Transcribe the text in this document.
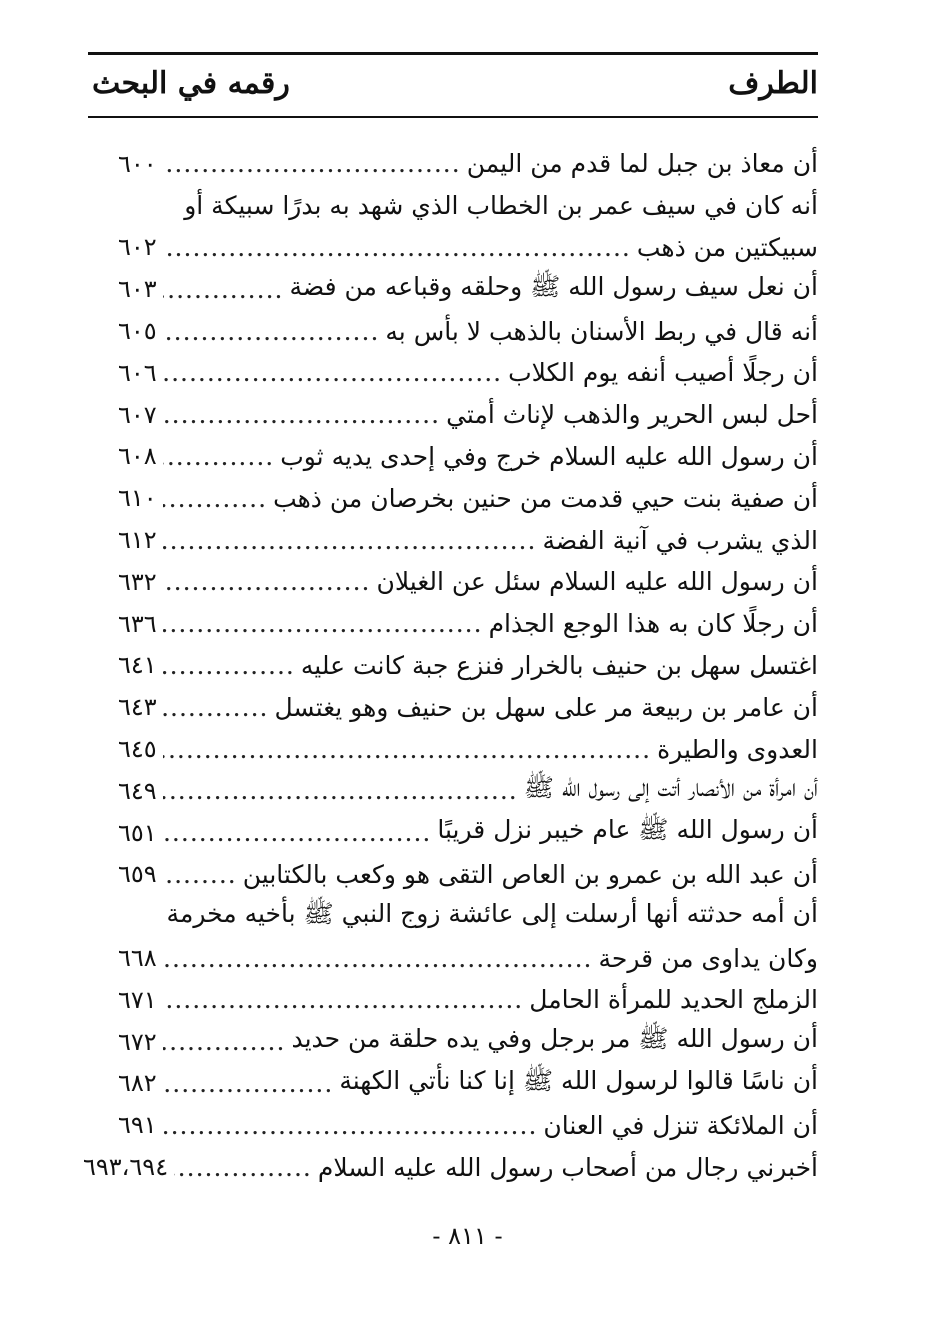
الطرف
رقمه في البحث
أن معاذ بن جبل لما قدم من اليمن
.....
٦٠٠
أنه كان في سيف عمر بن الخطاب الذي شهد به بدرًا سبيكة أو
سبيكتين من ذهب
.....
٦٠٢
أن نعل سيف رسول الله ﷺ وحلقه وقباعه من فضة
.....
٦٠٣
أنه قال في ربط الأسنان بالذهب لا بأس به
.....
٦٠٥
أن رجلًا أصيب أنفه يوم الكلاب
.....
٦٠٦
أحل لبس الحرير والذهب لإناث أمتي
.....
٦٠٧
أن رسول الله عليه السلام خرج وفي إحدى يديه ثوب
.....
٦٠٨
أن صفية بنت حيي قدمت من حنين بخرصان من ذهب
.....
٦١٠
الذي يشرب في آنية الفضة
.....
٦١٢
أن رسول الله عليه السلام سئل عن الغيلان
.....
٦٣٢
أن رجلًا كان به هذا الوجع الجذام
.....
٦٣٦
اغتسل سهل بن حنيف بالخرار فنزع جبة كانت عليه
.....
٦٤١
أن عامر بن ربيعة مر على سهل بن حنيف وهو يغتسل
.....
٦٤٣
العدوى والطيرة
.....
٦٤٥
أن امرأة من الأنصار أتت إلى رسول الله ﷺ
.....
٦٤٩
أن رسول الله ﷺ عام خيبر نزل قريبًا
.....
٦٥١
أن عبد الله بن عمرو بن العاص التقى هو وكعب بالكتابين
.....
٦٥٩
أن أمه حدثته أنها أرسلت إلى عائشة زوج النبي ﷺ بأخيه مخرمة
وكان يداوى من قرحة
.....
٦٦٨
الزملج الحديد للمرأة الحامل
.....
٦٧١
أن رسول الله ﷺ مر برجل وفي يده حلقة من حديد
.....
٦٧٢
أن ناسًا قالوا لرسول الله ﷺ إنا كنا نأتي الكهنة
.....
٦٨٢
أن الملائكة تنزل في العنان
.....
٦٩١
أخبرني رجال من أصحاب رسول الله عليه السلام
.....
٦٩٣،٦٩٤
- ٨١١ -
